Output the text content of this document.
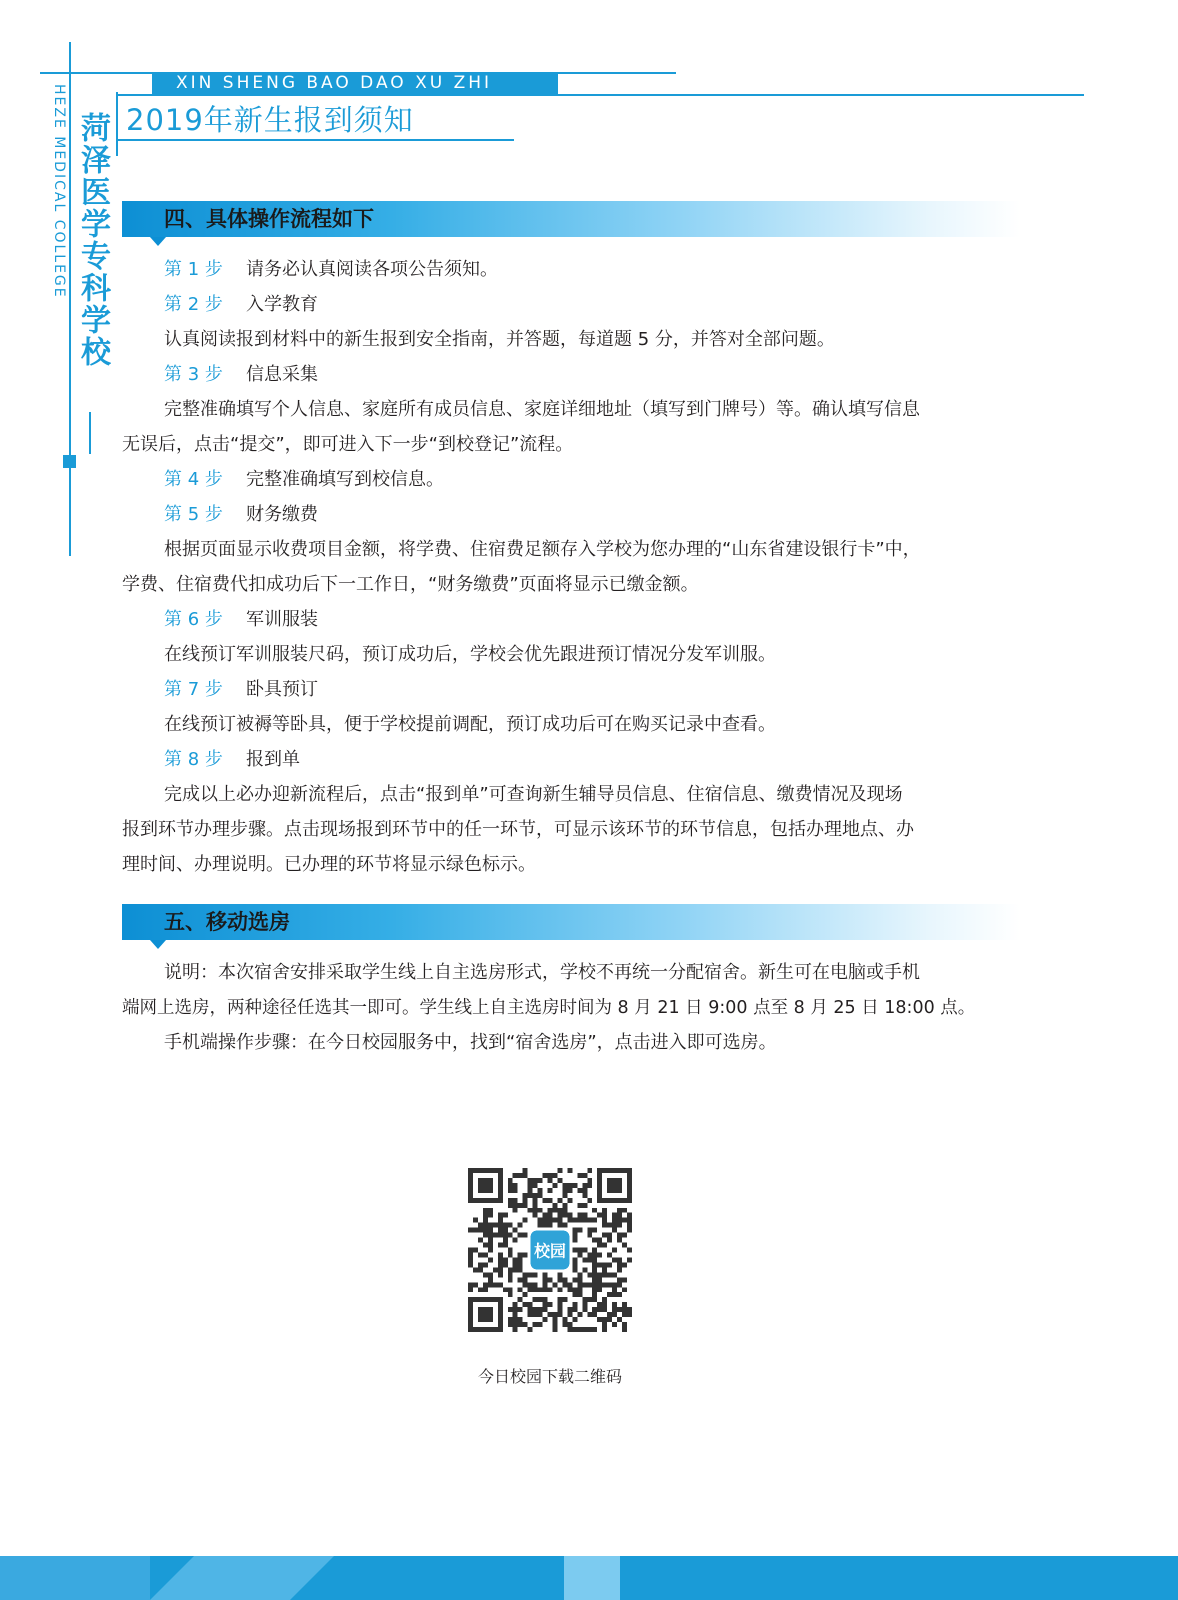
XIN SHENG BAO DAO XU ZHI
2019年新生报到须知
HEZE MEDICAL COLLEGE 菏泽医学专科学校	四、具体操作流程如下
第 1 步 请务必认真阅读各项公告须知。
第 2 步 入学教育
认真阅读报到材料中的新生报到安全指南，并答题，每道题 5 分，并答对全部问题。
第 3 步 信息采集
完整准确填写个人信息、家庭所有成员信息、家庭详细地址（填写到门牌号）等。确认填写信息
无误后，点击“提交”，即可进入下一步“到校登记”流程。
第 4 步 完整准确填写到校信息。
第 5 步 财务缴费
根据页面显示收费项目金额，将学费、住宿费足额存入学校为您办理的“山东省建设银行卡”中，
学费、住宿费代扣成功后下一工作日，“财务缴费”页面将显示已缴金额。
第 6 步 军训服装
在线预订军训服装尺码，预订成功后，学校会优先跟进预订情况分发军训服。
第 7 步 卧具预订
在线预订被褥等卧具，便于学校提前调配，预订成功后可在购买记录中查看。
第 8 步 报到单
完成以上必办迎新流程后，点击“报到单”可查询新生辅导员信息、住宿信息、缴费情况及现场
报到环节办理步骤。点击现场报到环节中的任一环节，可显示该环节的环节信息，包括办理地点、办
理时间、办理说明。已办理的环节将显示绿色标示。
五、移动选房
说明：本次宿舍安排采取学生线上自主选房形式，学校不再统一分配宿舍。新生可在电脑或手机
端网上选房，两种途径任选其一即可。学生线上自主选房时间为 8 月 21 日 9:00 点至 8 月 25 日 18:00 点。
手机端操作步骤：在今日校园服务中，找到“宿舍选房”，点击进入即可选房。
校园
今日校园下载二维码
